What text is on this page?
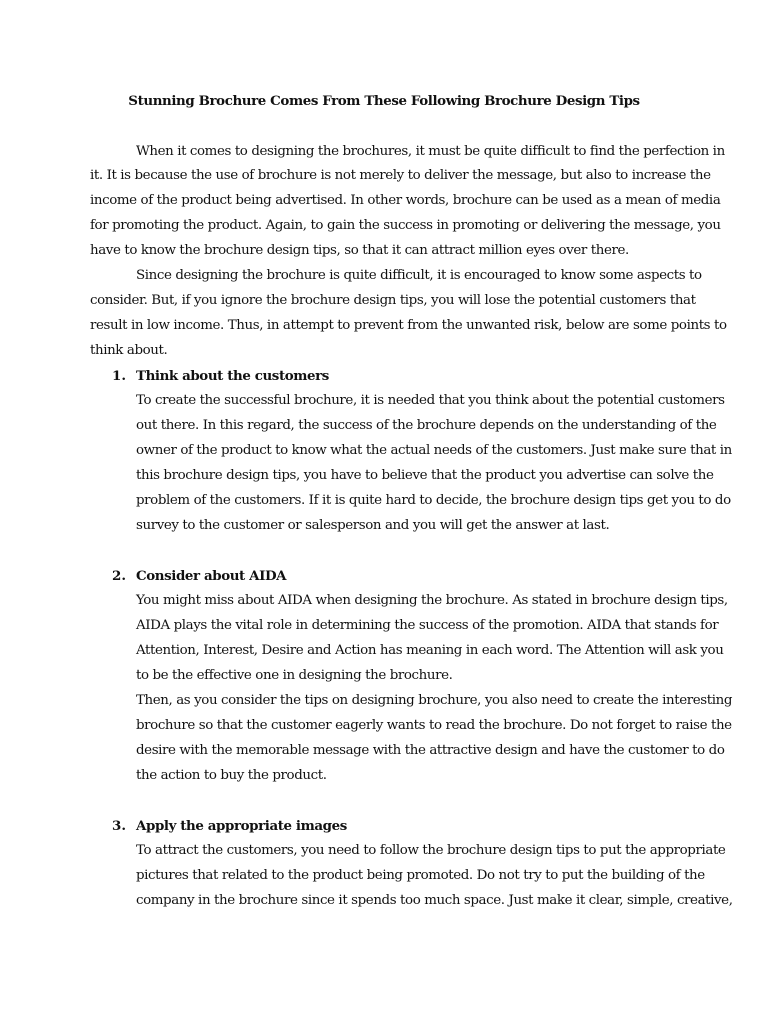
Stunning Brochure Comes From These Following Brochure Design Tips
When it comes to designing the brochures, it must be quite difficult to find the perfection in
it. It is because the use of brochure is not merely to deliver the message, but also to increase the
income of the product being advertised. In other words, brochure can be used as a mean of media
for promoting the product. Again, to gain the success in promoting or delivering the message, you
have to know the brochure design tips, so that it can attract million eyes over there.
Since designing the brochure is quite difficult, it is encouraged to know some aspects to
consider. But, if you ignore the brochure design tips, you will lose the potential customers that
result in low income. Thus, in attempt to prevent from the unwanted risk, below are some points to
think about.
1. Think about the customers
To create the successful brochure, it is needed that you think about the potential customers
out there. In this regard, the success of the brochure depends on the understanding of the
owner of the product to know what the actual needs of the customers. Just make sure that in
this brochure design tips, you have to believe that the product you advertise can solve the
problem of the customers. If it is quite hard to decide, the brochure design tips get you to do
survey to the customer or salesperson and you will get the answer at last.
2. Consider about AIDA
You might miss about AIDA when designing the brochure. As stated in brochure design tips,
AIDA plays the vital role in determining the success of the promotion. AIDA that stands for
Attention, Interest, Desire and Action has meaning in each word. The Attention will ask you
to be the effective one in designing the brochure.
Then, as you consider the tips on designing brochure, you also need to create the interesting
brochure so that the customer eagerly wants to read the brochure. Do not forget to raise the
desire with the memorable message with the attractive design and have the customer to do
the action to buy the product.
3. Apply the appropriate images
To attract the customers, you need to follow the brochure design tips to put the appropriate
pictures that related to the product being promoted. Do not try to put the building of the
company in the brochure since it spends too much space. Just make it clear, simple, creative,
